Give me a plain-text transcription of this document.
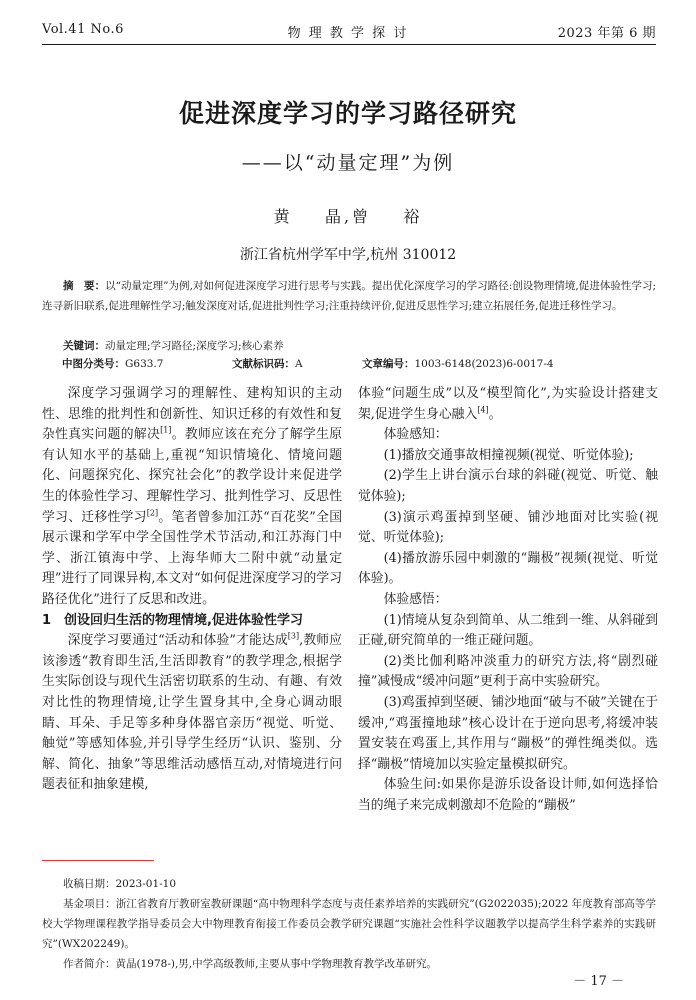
Vol.41 No.6	物 理 教 学 探 讨	2023 年第 6 期
促进深度学习的学习路径研究
——以“动量定理”为例
黄    晶,曾    裕
浙江省杭州学军中学,杭州 310012
摘　要：以“动量定理”为例,对如何促进深度学习进行思考与实践。提出优化深度学习的学习路径:创设物理情境,促进体验性学习;连寻新旧联系,促进理解性学习;触发深度对话,促进批判性学习;注重持续评价,促进反思性学习;建立拓展任务,促进迁移性学习。
关键词：动量定理;学习路径;深度学习;核心素养
中图分类号：G633.7	文献标识码：A	文章编号：1003-6148(2023)6-0017-4

深度学习强调学习的理解性、建构知识的主动性、思维的批判性和创新性、知识迁移的有效性和复杂性真实问题的解决[1]。教师应该在充分了解学生原有认知水平的基础上,重视“知识情境化、情境问题化、问题探究化、探究社会化”的教学设计来促进学生的体验性学习、理解性学习、批判性学习、反思性学习、迁移性学习[2]。笔者曾参加江苏“百花奖”全国展示课和学军中学全国性学术节活动,和江苏海门中学、浙江镇海中学、上海华师大二附中就“动量定理”进行了同课异构,本文对“如何促进深度学习的学习路径优化”进行了反思和改进。

1　创设回归生活的物理情境,促进体验性学习

深度学习要通过“活动和体验”才能达成[3],教师应该渗透“教育即生活,生活即教育”的教学理念,根据学生实际创设与现代生活密切联系的生动、有趣、有效对比性的物理情境,让学生置身其中,全身心调动眼睛、耳朵、手足等多种身体器官亲历“视觉、听觉、触觉”等感知体验,并引导学生经历“认识、鉴别、分解、简化、抽象”等思维活动感悟互动,对情境进行问题表征和抽象建模,

体验“问题生成”以及“模型简化”,为实验设计搭建支架,促进学生身心融入[4]。

体验感知：

(1)播放交通事故相撞视频(视觉、听觉体验);

(2)学生上讲台演示台球的斜碰(视觉、听觉、触觉体验);

(3)演示鸡蛋掉到坚硬、铺沙地面对比实验(视觉、听觉体验);

(4)播放游乐园中刺激的“蹦极”视频(视觉、听觉体验)。

体验感悟：

(1)情境从复杂到简单、从二维到一维、从斜碰到正碰,研究简单的一维正碰问题。

(2)类比伽利略冲淡重力的研究方法,将“剧烈碰撞”减慢成“缓冲问题”更利于高中实验研究。

(3)鸡蛋掉到坚硬、铺沙地面“破与不破”关键在于缓冲,“鸡蛋撞地球”核心设计在于逆向思考,将缓冲装置安装在鸡蛋上,其作用与“蹦极”的弹性绳类似。选择“蹦极”情境加以实验定量模拟研究。

体验生问:如果你是游乐设备设计师,如何选择恰当的绳子来完成刺激却不危险的“蹦极”

收稿日期：2023-01-10

基金项目：浙江省教育厅教研室教研课题“高中物理科学态度与责任素养培养的实践研究”(G2022035);2022 年度教育部高等学校大学物理课程教学指导委员会大中物理教育衔接工作委员会教学研究课题“实施社会性科学议题教学以提高学生科学素养的实践研究”(WX202249)。

作者简介：黄晶(1978-),男,中学高级教师,主要从事中学物理教育教学改革研究。

－ 17 －
